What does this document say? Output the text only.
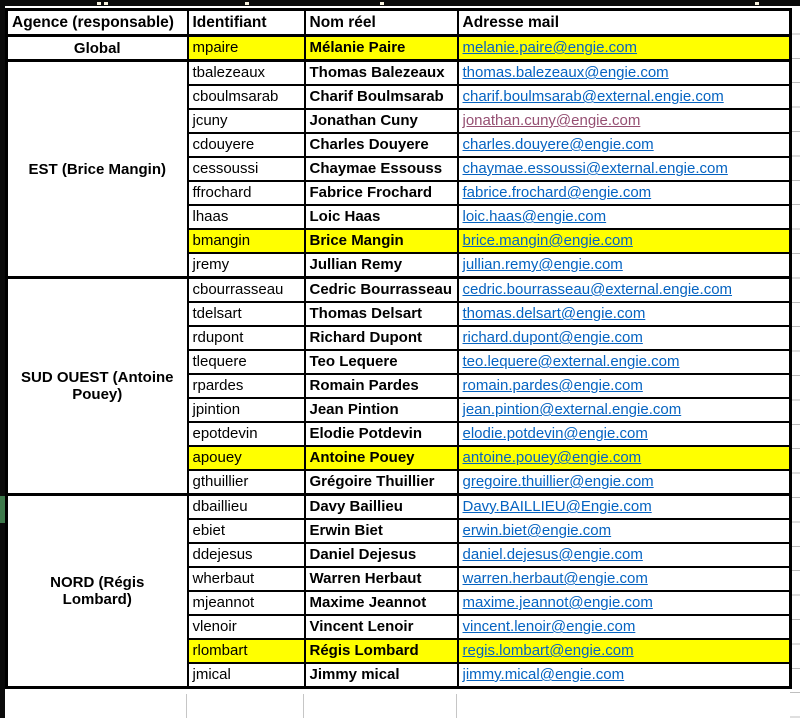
Agence (responsable)	Identifiant	Nom réel	Adresse mail
Global	mpaire	Mélanie Paire	melanie.paire@engie.com
EST (Brice Mangin)	tbalezeaux	Thomas Balezeaux	thomas.balezeaux@engie.com
	cboulmsarab	Charif Boulmsarab	charif.boulmsarab@external.engie.com
	jcuny	Jonathan Cuny	jonathan.cuny@engie.com
	cdouyere	Charles Douyere	charles.douyere@engie.com
	cessoussi	Chaymae Essouss	chaymae.essoussi@external.engie.com
	ffrochard	Fabrice Frochard	fabrice.frochard@engie.com
	lhaas	Loic Haas	loic.haas@engie.com
	bmangin	Brice Mangin	brice.mangin@engie.com
	jremy	Jullian Remy	jullian.remy@engie.com
SUD OUEST (Antoine Pouey)	cbourrasseau	Cedric Bourrasseau	cedric.bourrasseau@external.engie.com
	tdelsart	Thomas Delsart	thomas.delsart@engie.com
	rdupont	Richard Dupont	richard.dupont@engie.com
	tlequere	Teo Lequere	teo.lequere@external.engie.com
	rpardes	Romain Pardes	romain.pardes@engie.com
	jpintion	Jean Pintion	jean.pintion@external.engie.com
	epotdevin	Elodie Potdevin	elodie.potdevin@engie.com
	apouey	Antoine Pouey	antoine.pouey@engie.com
	gthuillier	Grégoire Thuillier	gregoire.thuillier@engie.com
NORD (Régis Lombard)	dbaillieu	Davy Baillieu	Davy.BAILLIEU@Engie.com
	ebiet	Erwin Biet	erwin.biet@engie.com
	ddejesus	Daniel Dejesus	daniel.dejesus@engie.com
	wherbaut	Warren Herbaut	warren.herbaut@engie.com
	mjeannot	Maxime Jeannot	maxime.jeannot@engie.com
	vlenoir	Vincent Lenoir	vincent.lenoir@engie.com
	rlombart	Régis Lombard	regis.lombart@engie.com
	jmical	Jimmy mical	jimmy.mical@engie.com
